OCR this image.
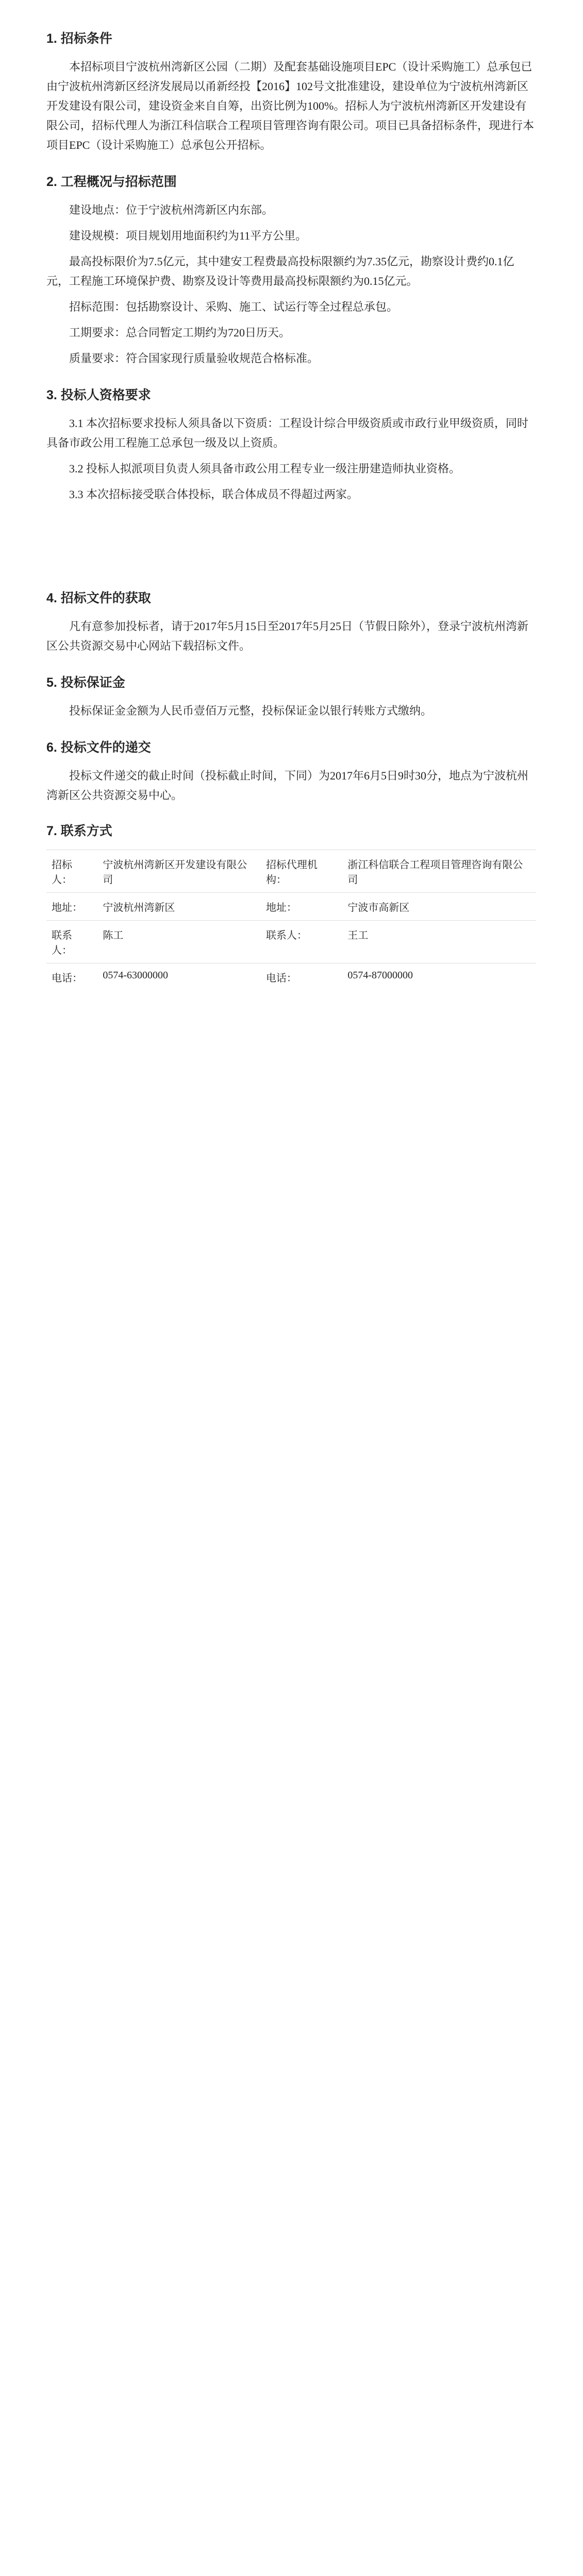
1. 招标条件

本招标项目宁波杭州湾新区公园（二期）及配套基础设施项目EPC（设计采购施工）总承包已由宁波杭州湾新区经济发展局以甬新经投【2016】102号文批准建设，建设单位为宁波杭州湾新区开发建设有限公司，建设资金来自自筹，出资比例为100%。招标人为宁波杭州湾新区开发建设有限公司，招标代理人为浙江科信联合工程项目管理咨询有限公司。项目已具备招标条件，现进行本项目EPC（设计采购施工）总承包公开招标。

2. 工程概况与招标范围

建设地点：位于宁波杭州湾新区内东部。

建设规模：项目规划用地面积约为11平方公里。

最高投标限价为7.5亿元，其中建安工程费最高投标限额约为7.35亿元，勘察设计费约0.1亿元，工程施工环境保护费、勘察及设计等费用最高投标限额约为0.15亿元。

招标范围：包括勘察设计、采购、施工、试运行等全过程总承包。

工期要求：总合同暂定工期约为720日历天。

质量要求：符合国家现行质量验收规范合格标准。

3. 投标人资格要求

3.1 本次招标要求投标人须具备以下资质：工程设计综合甲级资质或市政行业甲级资质，同时具备市政公用工程施工总承包一级及以上资质。

3.2 投标人拟派项目负责人须具备市政公用工程专业一级注册建造师执业资格。

3.3 本次招标接受联合体投标，联合体成员不得超过两家。

4. 招标文件的获取

凡有意参加投标者，请于2017年5月15日至2017年5月25日（节假日除外），登录宁波杭州湾新区公共资源交易中心网站下载招标文件。

5. 投标保证金

投标保证金金额为人民币壹佰万元整，投标保证金以银行转账方式缴纳。

6. 投标文件的递交

投标文件递交的截止时间（投标截止时间，下同）为2017年6月5日9时30分，地点为宁波杭州湾新区公共资源交易中心。

7. 联系方式
招标人：	宁波杭州湾新区开发建设有限公司	招标代理机构：	浙江科信联合工程项目管理咨询有限公司
地址：	宁波杭州湾新区	地址：	宁波市高新区
联系人：	陈工	联系人：	王工
电话：	0574-63000000	电话：	0574-87000000
